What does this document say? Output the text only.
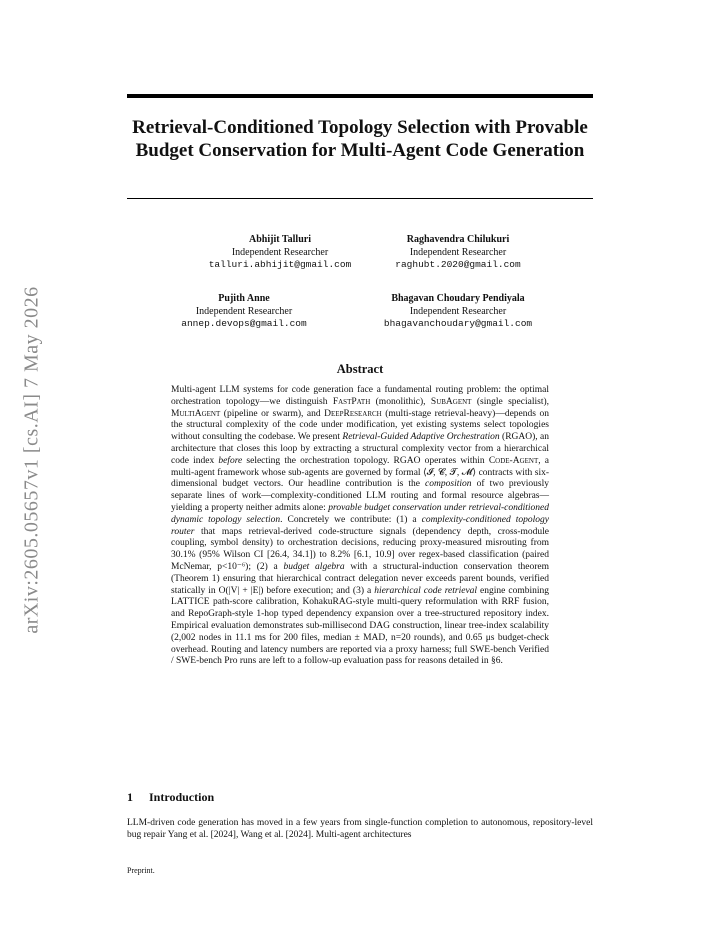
arXiv:2605.05657v1 [cs.AI] 7 May 2026
Retrieval-Conditioned Topology Selection with Provable Budget Conservation for Multi-Agent Code Generation
Abhijit Talluri
Independent Researcher
talluri.abhijit@gmail.com
Raghavendra Chilukuri
Independent Researcher
raghubt.2020@gmail.com
Pujith Anne
Independent Researcher
annep.devops@gmail.com
Bhagavan Choudary Pendiyala
Independent Researcher
bhagavanchoudary@gmail.com
Abstract

Multi-agent LLM systems for code generation face a fundamental routing problem: the optimal orchestration topology—we distinguish FastPath (monolithic), SubAgent (single specialist), MultiAgent (pipeline or swarm), and DeepResearch (multi-stage retrieval-heavy)—depends on the structural complexity of the code under modification, yet existing systems select topologies without consulting the codebase. We present Retrieval-Guided Adaptive Orchestration (RGAO), an architecture that closes this loop by extracting a structural complexity vector from a hierarchical code index before selecting the orchestration topology. RGAO operates within Code-Agent, a multi-agent framework whose sub-agents are governed by formal ⟨𝓘, 𝓒, 𝓣, 𝓜⟩ contracts with six-dimensional budget vectors. Our headline contribution is the composition of two previously separate lines of work—complexity-conditioned LLM routing and formal resource algebras—yielding a property neither admits alone: provable budget conservation under retrieval-conditioned dynamic topology selection. Concretely we contribute: (1) a complexity-conditioned topology router that maps retrieval-derived code-structure signals (dependency depth, cross-module coupling, symbol density) to orchestration decisions, reducing proxy-measured misrouting from 30.1% (95% Wilson CI [26.4, 34.1]) to 8.2% [6.1, 10.9] over regex-based classification (paired McNemar, p<10⁻⁶); (2) a budget algebra with a structural-induction conservation theorem (Theorem 1) ensuring that hierarchical contract delegation never exceeds parent bounds, verified statically in O(|V| + |E|) before execution; and (3) a hierarchical code retrieval engine combining LATTICE path-score calibration, KohakuRAG-style multi-query reformulation with RRF fusion, and RepoGraph-style 1-hop typed dependency expansion over a tree-structured repository index. Empirical evaluation demonstrates sub-millisecond DAG construction, linear tree-index scalability (2,002 nodes in 11.1 ms for 200 files, median ± MAD, n=20 rounds), and 0.65 μs budget-check overhead. Routing and latency numbers are reported via a proxy harness; full SWE-bench Verified / SWE-bench Pro runs are left to a follow-up evaluation pass for reasons detailed in §6.

1 Introduction

LLM-driven code generation has moved in a few years from single-function completion to autonomous, repository-level bug repair Yang et al. [2024], Wang et al. [2024]. Multi-agent architectures

Preprint.
